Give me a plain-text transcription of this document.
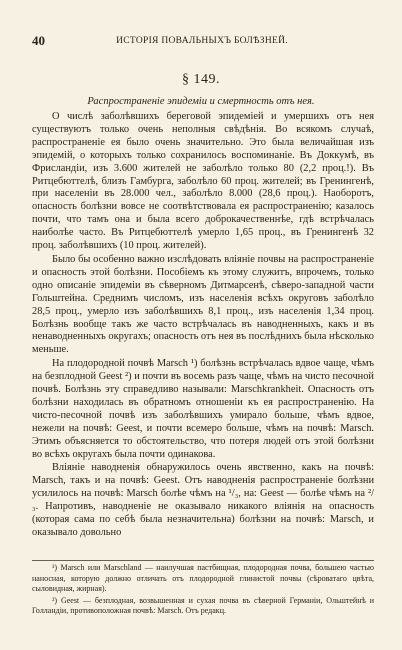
40	ИСТОРІЯ ПОВАЛЬНЫХЪ БОЛѢЗНЕЙ.
§ 149.
Распространеніе эпидеміи и смертность отъ нея.

О числѣ заболѣвшихъ береговой эпидеміей и умершихъ отъ нея существуютъ только очень неполныя свѣдѣнія. Во всякомъ случаѣ, распространеніе ея было очень значительно. Это была величайшая изъ эпидемій, о которыхъ только сохранилось воспоминаніе. Въ Доккумѣ, въ Фрисландіи, изъ 3.600 жителей не заболѣло только 80 (2,2 проц.!). Въ Ритцебюттелѣ, близъ Гамбурга, заболѣло 60 проц. жителей; въ Гренингенѣ, при населеніи въ 28.000 чел., заболѣло 8.000 (28,6 проц.). Наоборотъ, опасность болѣзни вовсе не соотвѣтствовала ея распространенію; казалось почти, что тамъ она и была всего доброкачественнѣе, гдѣ встрѣчалась наиболѣе часто. Въ Ритцебюттелѣ умерло 1,65 проц., въ Гренингенѣ 32 проц. заболѣвшихъ (10 проц. жителей).

Было бы особенно важно изслѣдовать вліяніе почвы на распространеніе и опасность этой болѣзни. Пособіемъ къ этому служитъ, впрочемъ, только одно описаніе эпидеміи въ сѣверномъ Дитмарсенѣ, сѣверо-западной части Гольштейна. Среднимъ числомъ, изъ населенія всѣхъ округовъ заболѣло 28,5 проц., умерло изъ заболѣвшихъ 8,1 проц., изъ населенія 1,34 проц. Болѣзнь вообще такъ же часто встрѣчалась въ наводненныхъ, какъ и въ ненаводненныхъ округахъ; опасность отъ нея въ послѣднихъ была нѣсколько меньше.

На плодородной почвѣ Marsch ¹) болѣзнь встрѣчалась вдвое чаще, чѣмъ на безплодной Geest ²) и почти въ восемь разъ чаще, чѣмъ на чисто песочной почвѣ. Болѣзнь эту справедливо называли: Marschkrankheit. Опасность отъ болѣзни находилась въ обратномъ отношеніи къ ея распространенію. На чисто-песочной почвѣ изъ заболѣвшихъ умирало больше, чѣмъ вдвое, нежели на почвѣ: Geest, и почти всемеро больше, чѣмъ на почвѣ: Marsch. Этимъ объясняется то обстоятельство, что потеря людей отъ этой болѣзни во всѣхъ округахъ была почти одинакова.

Вліяніе наводненія обнаружилось очень явственно, какъ на почвѣ: Marsch, такъ и на почвѣ: Geest. Отъ наводненія распространеніе болѣзни усилилось на почвѣ: Marsch болѣе чѣмъ на ¹/₃, на: Geest — болѣе чѣмъ на ²/₃. Напротивъ, наводненіе не оказывало никакого вліянія на опасность (которая сама по себѣ была незначительна) болѣзни на почвѣ: Marsch, и оказывало довольно

¹) Marsch или Marschland — наилучшая пастбищная, плодородная почва, большею частью наносная, которую должно отличать отъ плодородной глинистой почвы (сѣроватаго цвѣта, сыловидная, жирная).

²) Geest — безплодная, возвышенная и сухая почва въ сѣверной Германіи, Ольштейнѣ и Голландіи, противоположная почвѣ: Marsch. Отъ редакц.
